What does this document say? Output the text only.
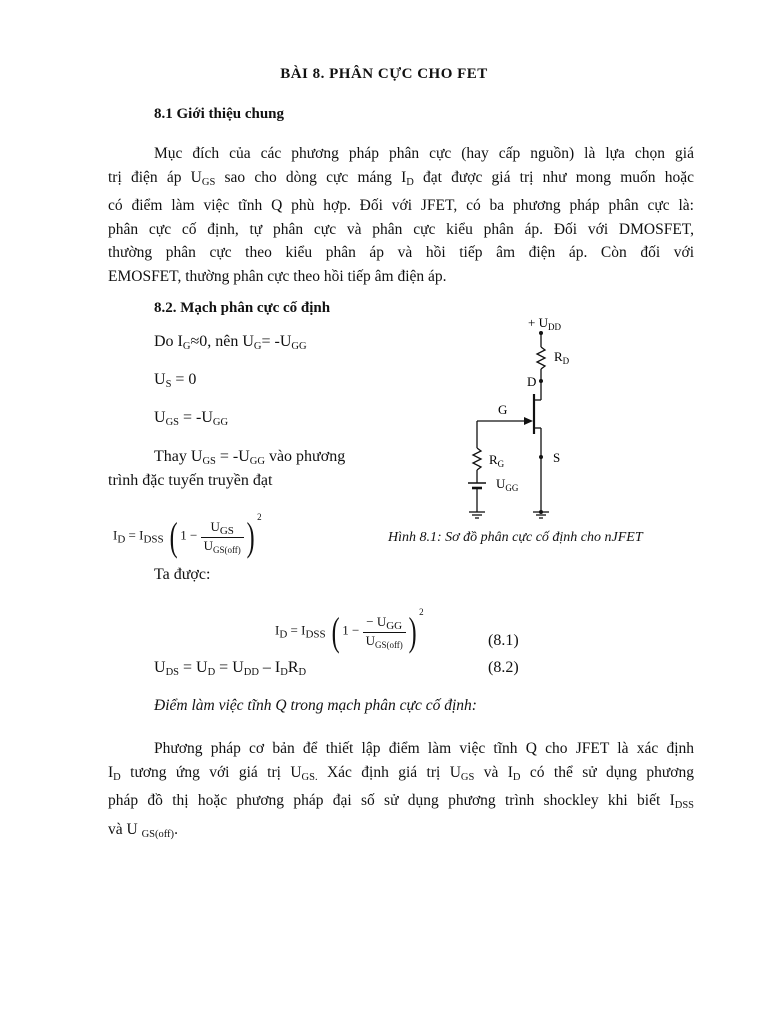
BÀI 8. PHÂN CỰC CHO FET

8.1 Giới thiệu chung

Mục đích của các phương pháp phân cực (hay cấp nguồn) là lựa chọn giá
trị điện áp $U_{GS}$ sao cho dòng cực máng $I_D$ đạt được giá trị như mong muốn hoặc
có điểm làm việc tĩnh Q phù hợp. Đối với JFET, có ba phương pháp phân cực là:
phân cực cố định, tự phân cực và phân cực kiểu phân áp. Đối với DMOSFET,
thường phân cực theo kiểu phân áp và hồi tiếp âm điện áp. Còn đối với
EMOSFET, thường phân cực theo hồi tiếp âm điện áp.

8.2. Mạch phân cực cố định

Do $I_G\approx 0$, nên $U_G= -U_{GG}$

$U_S = 0$

$U_{GS} = -U_{GG}$

Thay $U_{GS} = -U_{GG}$ vào phương

trình đặc tuyến truyền đạt

$I_D = I_{DSS}$ ( $1 - \frac{U_{GS}}{U_{GS(off)}}$ ) $^2$

Ta được:

$I_D = I_{DSS}$ ( $1 - \frac{- U_{GG}}{U_{GS(off)}}$ ) $^2$

(8.1)

$U_{DS} = U_D = U_{DD} - I_DR_D$	(8.2)

Điểm làm việc tĩnh Q trong mạch phân cực cố định:

Phương pháp cơ bản để thiết lập điểm làm việc tĩnh Q cho JFET là xác định
$I_D$ tương ứng với giá trị $U_{GS.}$ Xác định giá trị $U_{GS}$ và $I_D$ có thể sử dụng phương
pháp đồ thị hoặc phương pháp đại số sử dụng phương trình shockley khi biết $I_{DSS}$
và U $_{GS(off)}$.
+ $U_{DD}$
$R_D$
D
G
S
$R_G$
$U_{GG}$

Hình 8.1: Sơ đồ phân cực cố định cho nJFET
